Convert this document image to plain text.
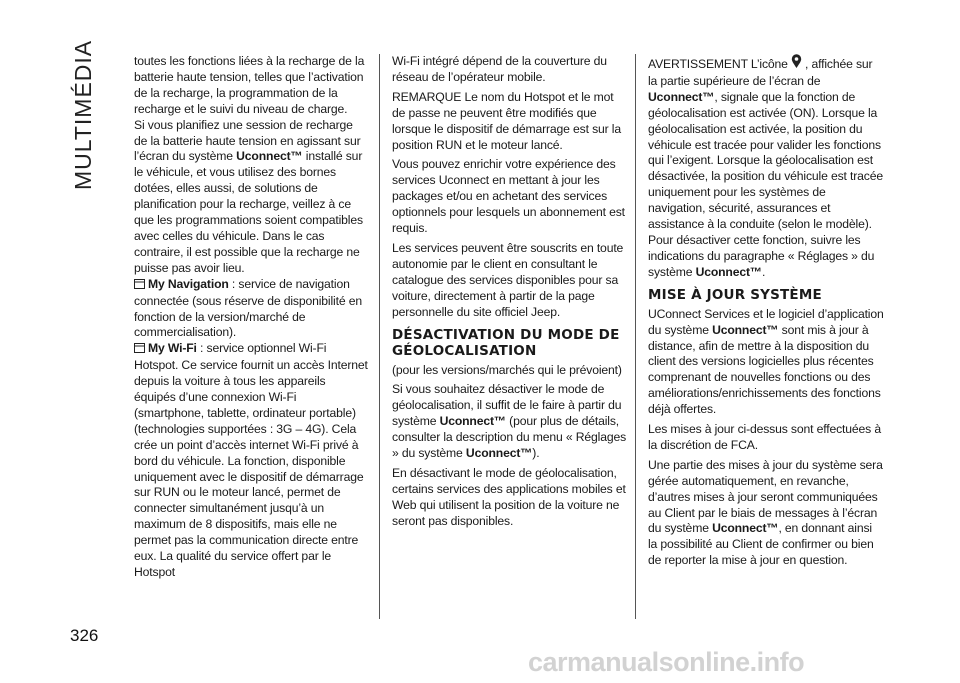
MULTIMÉDIA	toutes les fonctions liées à la recharge de la batterie haute tension, telles que l’activation de la recharge, la programmation de la recharge et le suivi du niveau de charge.

Si vous planifiez une session de recharge de la batterie haute tension en agissant sur l’écran du système Uconnect™ installé sur le véhicule, et vous utilisez des bornes dotées, elles aussi, de solutions de planification pour la recharge, veillez à ce que les programmations soient compatibles avec celles du véhicule. Dans le cas contraire, il est possible que la recharge ne puisse pas avoir lieu.

My Navigation : service de navigation connectée (sous réserve de disponibilité en fonction de la version/marché de commercialisation).

My Wi-Fi : service optionnel Wi-Fi Hotspot. Ce service fournit un accès Internet depuis la voiture à tous les appareils équipés d’une connexion Wi-Fi (smartphone, tablette, ordinateur portable) (technologies supportées : 3G – 4G). Cela crée un point d’accès internet Wi-Fi privé à bord du véhicule. La fonction, disponible uniquement avec le dispositif de démarrage sur RUN ou le moteur lancé, permet de connecter simultanément jusqu’à un maximum de 8 dispositifs, mais elle ne permet pas la communication directe entre eux. La qualité du service offert par le Hotspot

Wi-Fi intégré dépend de la couverture du réseau de l’opérateur mobile.

REMARQUE Le nom du Hotspot et le mot de passe ne peuvent être modifiés que lorsque le dispositif de démarrage est sur la position RUN et le moteur lancé.

Vous pouvez enrichir votre expérience des services Uconnect en mettant à jour les packages et/ou en achetant des services optionnels pour lesquels un abonnement est requis.

Les services peuvent être souscrits en toute autonomie par le client en consultant le catalogue des services disponibles pour sa voiture, directement à partir de la page personnelle du site officiel Jeep.

DÉSACTIVATION DU MODE DE GÉOLOCALISATION

(pour les versions/marchés qui le prévoient)

Si vous souhaitez désactiver le mode de géolocalisation, il suffit de le faire à partir du système Uconnect™ (pour plus de détails, consulter la description du menu « Réglages » du système Uconnect™).

En désactivant le mode de géolocalisation, certains services des applications mobiles et Web qui utilisent la position de la voiture ne seront pas disponibles.

AVERTISSEMENT L’icône , affichée sur la partie supérieure de l’écran de Uconnect™, signale que la fonction de géolocalisation est activée (ON). Lorsque la géolocalisation est activée, la position du véhicule est tracée pour valider les fonctions qui l’exigent. Lorsque la géolocalisation est désactivée, la position du véhicule est tracée uniquement pour les systèmes de navigation, sécurité, assurances et assistance à la conduite (selon le modèle). Pour désactiver cette fonction, suivre les indications du paragraphe « Réglages » du système Uconnect™.

MISE À JOUR SYSTÈME

UConnect Services et le logiciel d’application du système Uconnect™ sont mis à jour à distance, afin de mettre à la disposition du client des versions logicielles plus récentes comprenant de nouvelles fonctions ou des améliorations/enrichissements des fonctions déjà offertes.

Les mises à jour ci-dessus sont effectuées à la discrétion de FCA.

Une partie des mises à jour du système sera gérée automatiquement, en revanche, d’autres mises à jour seront communiquées au Client par le biais de messages à l’écran du système Uconnect™, en donnant ainsi la possibilité au Client de confirmer ou bien de reporter la mise à jour en question.

326
carmanualsonline.info
